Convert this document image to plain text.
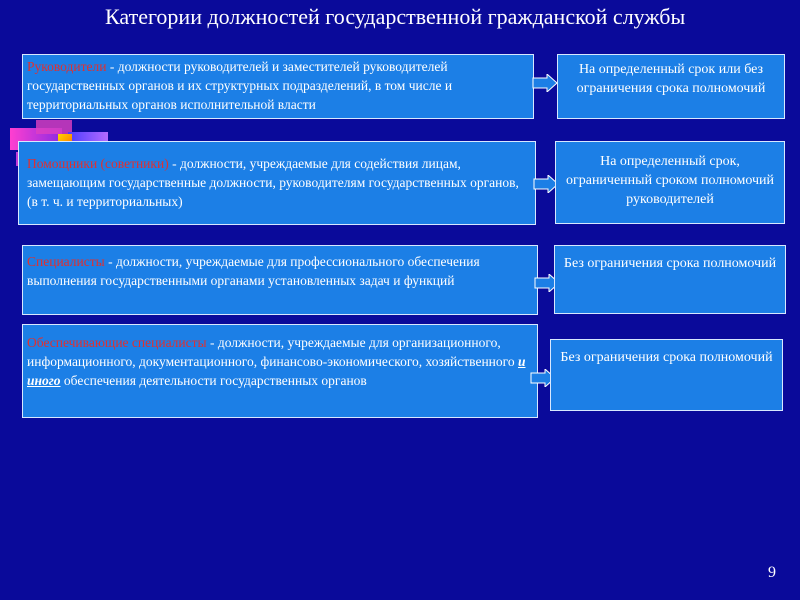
Категории должностей государственной гражданской службы
Руководители - должности руководителей и заместителей руководителей государственных органов и их структурных подразделений, в том числе и территориальных органов исполнительной власти
На определенный срок или без ограничения срока полномочий
Помощники (советники) - должности, учреждаемые для содействия лицам, замещающим государственные должности, руководителям государственных органов, (в т. ч. и территориальных)
На определенный срок, ограниченный сроком полномочий руководителей
Специалисты - должности, учреждаемые для профессионального обеспечения выполнения государственными органами установленных задач и функций
Без ограничения срока полномочий
Обеспечивающие специалисты - должности, учреждаемые для организационного, информационного, документационного, финансово-экономического, хозяйственного и иного обеспечения деятельности государственных органов
Без ограничения срока полномочий
9
